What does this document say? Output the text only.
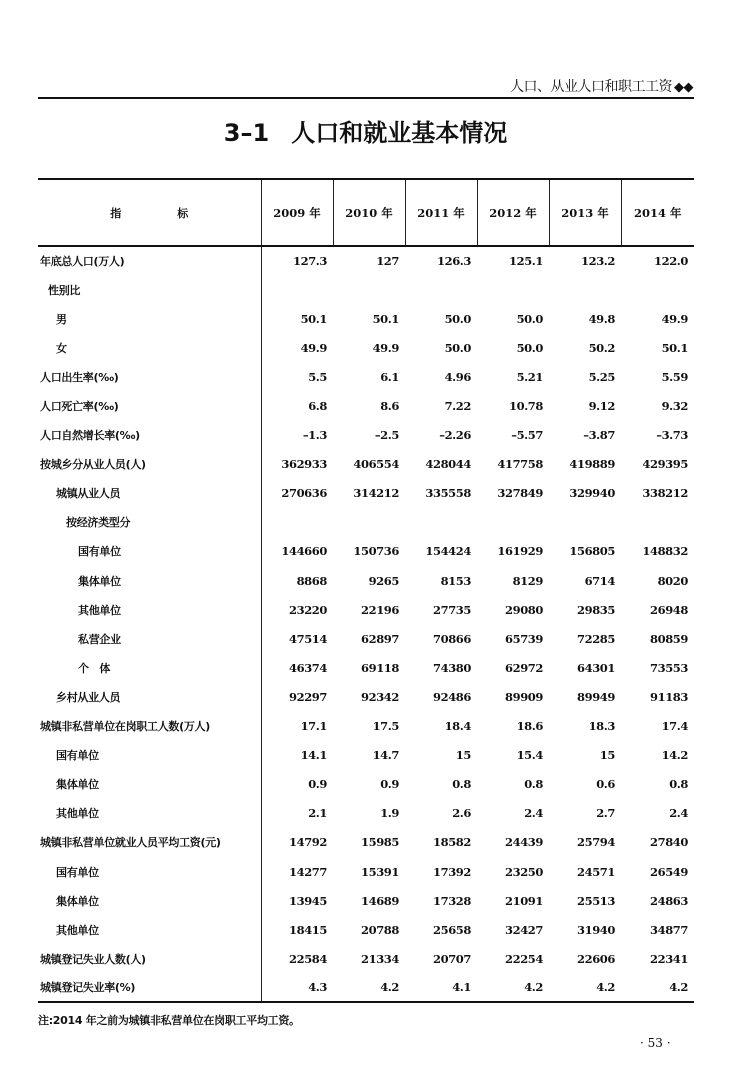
人口、从业人口和职工工资 ◆◆
3–1 人口和就业基本情况
指 标	2009 年	2010 年	2011 年	2012 年	2013 年	2014 年
年底总人口(万人)	127.3	127	126.3	125.1	123.2	122.0
性别比						
男	50.1	50.1	50.0	50.0	49.8	49.9
女	49.9	49.9	50.0	50.0	50.2	50.1
人口出生率(‰)	5.5	6.1	4.96	5.21	5.25	5.59
人口死亡率(‰)	6.8	8.6	7.22	10.78	9.12	9.32
人口自然增长率(‰)	–1.3	–2.5	–2.26	–5.57	–3.87	–3.73
按城乡分从业人员(人)	362933	406554	428044	417758	419889	429395
城镇从业人员	270636	314212	335558	327849	329940	338212
按经济类型分						
国有单位	144660	150736	154424	161929	156805	148832
集体单位	8868	9265	8153	8129	6714	8020
其他单位	23220	22196	27735	29080	29835	26948
私营企业	47514	62897	70866	65739	72285	80859
个　体	46374	69118	74380	62972	64301	73553
乡村从业人员	92297	92342	92486	89909	89949	91183
城镇非私营单位在岗职工人数(万人)	17.1	17.5	18.4	18.6	18.3	17.4
国有单位	14.1	14.7	15	15.4	15	14.2
集体单位	0.9	0.9	0.8	0.8	0.6	0.8
其他单位	2.1	1.9	2.6	2.4	2.7	2.4
城镇非私营单位就业人员平均工资(元)	14792	15985	18582	24439	25794	27840
国有单位	14277	15391	17392	23250	24571	26549
集体单位	13945	14689	17328	21091	25513	24863
其他单位	18415	20788	25658	32427	31940	34877
城镇登记失业人数(人)	22584	21334	20707	22254	22606	22341
城镇登记失业率(%)	4.3	4.2	4.1	4.2	4.2	4.2
注:2014 年之前为城镇非私营单位在岗职工平均工资。
· 53 ·
